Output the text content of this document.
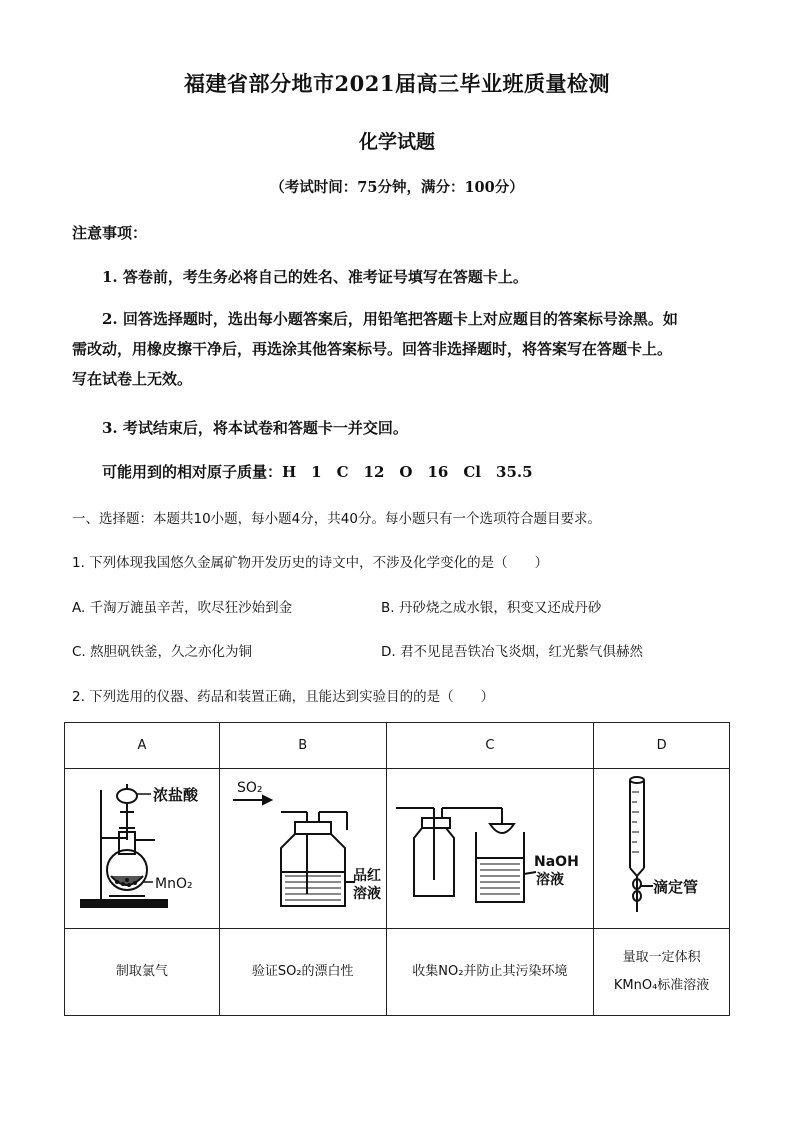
福建省部分地市2021届高三毕业班质量检测
化学试题
（考试时间：75分钟，满分：100分）
注意事项：
1. 答卷前，考生务必将自己的姓名、准考证号填写在答题卡上。
2. 回答选择题时，选出每小题答案后，用铅笔把答题卡上对应题目的答案标号涂黑。如
需改动，用橡皮擦干净后，再选涂其他答案标号。回答非选择题时，将答案写在答题卡上。
写在试卷上无效。
3. 考试结束后，将本试卷和答题卡一并交回。
可能用到的相对原子质量：H　1　C　12　O　16　Cl　35.5
一、选择题：本题共10小题，每小题4分，共40分。每小题只有一个选项符合题目要求。
1. 下列体现我国悠久金属矿物开发历史的诗文中，不涉及化学变化的是（　　）
A. 千淘万漉虽辛苦，吹尽狂沙始到金	B. 丹砂烧之成水银，积变又还成丹砂
C. 熬胆矾铁釜，久之亦化为铜	D. 君不见昆吾铁冶飞炎烟，红光紫气俱赫然
2. 下列选用的仪器、药品和装置正确，且能达到实验目的的是（　　）
A	B	C	D

浓盐酸
MnO₂	SO₂
品红
溶液	NaOH
溶液	滴定管

制取氯气	验证SO₂的漂白性	收集NO₂并防止其污染环境	量取一定体积
KMnO₄标准溶液
